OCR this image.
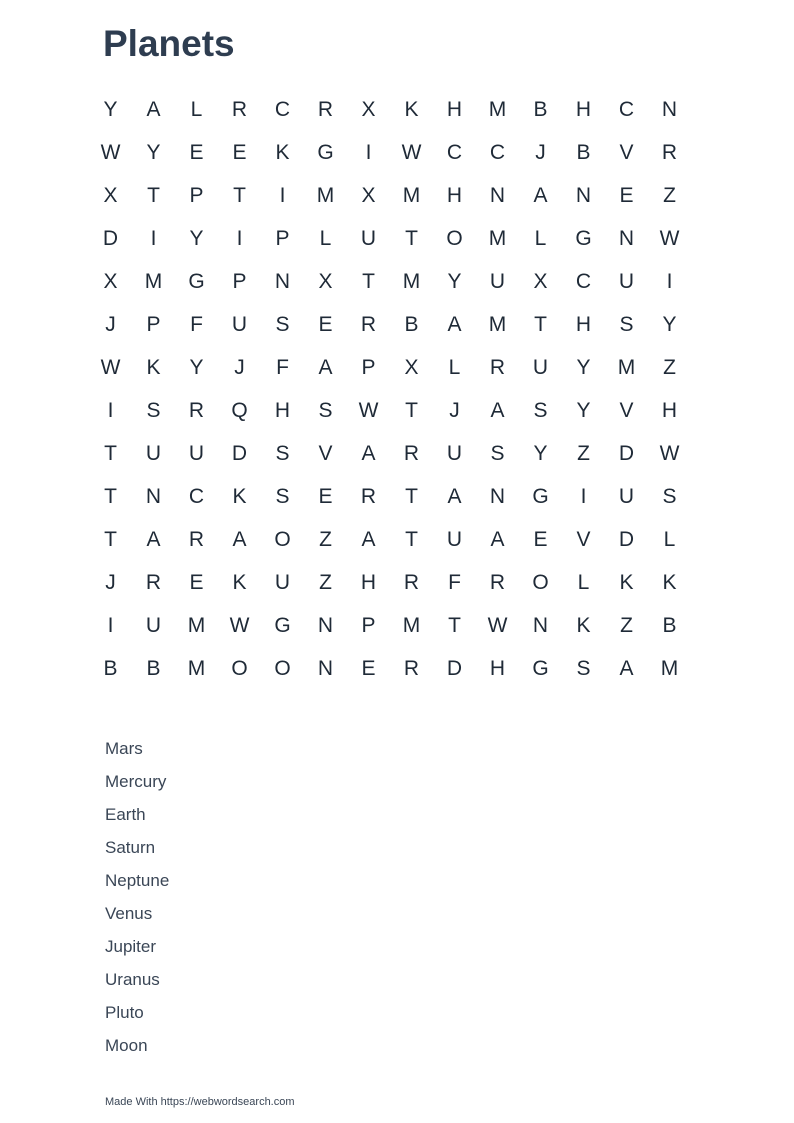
Planets
Y	A	L	R	C	R	X	K	H	M	B	H	C	N
W	Y	E	E	K	G	I	W	C	C	J	B	V	R
X	T	P	T	I	M	X	M	H	N	A	N	E	Z
D	I	Y	I	P	L	U	T	O	M	L	G	N	W
X	M	G	P	N	X	T	M	Y	U	X	C	U	I
J	P	F	U	S	E	R	B	A	M	T	H	S	Y
W	K	Y	J	F	A	P	X	L	R	U	Y	M	Z
I	S	R	Q	H	S	W	T	J	A	S	Y	V	H
T	U	U	D	S	V	A	R	U	S	Y	Z	D	W
T	N	C	K	S	E	R	T	A	N	G	I	U	S
T	A	R	A	O	Z	A	T	U	A	E	V	D	L
J	R	E	K	U	Z	H	R	F	R	O	L	K	K
I	U	M	W	G	N	P	M	T	W	N	K	Z	B
B	B	M	O	O	N	E	R	D	H	G	S	A	M
Mars
Mercury
Earth
Saturn
Neptune
Venus
Jupiter
Uranus
Pluto
Moon
Made With https://webwordsearch.com
